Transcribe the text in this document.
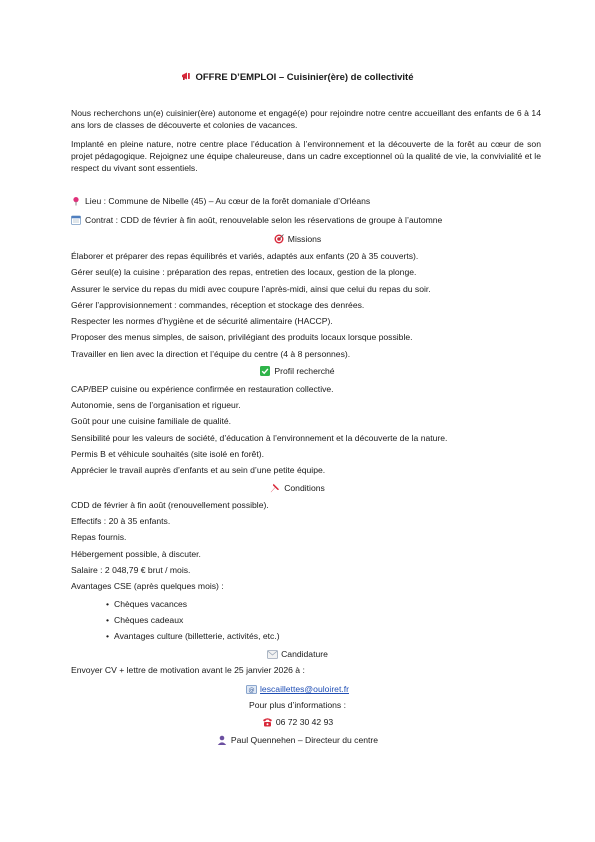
OFFRE D’EMPLOI – Cuisinier(ère) de collectivité
Nous recherchons un(e) cuisinier(ère) autonome et engagé(e) pour rejoindre notre centre accueillant des enfants de 6 à 14 ans lors de classes de découverte et colonies de vacances.
Implanté en pleine nature, notre centre place l’éducation à l’environnement et la découverte de la forêt au cœur de son projet pédagogique. Rejoignez une équipe chaleureuse, dans un cadre exceptionnel où la qualité de vie, la convivialité et le respect du vivant sont essentiels.
Lieu : Commune de Nibelle (45) – Au cœur de la forêt domaniale d’Orléans
Contrat : CDD de février à fin août, renouvelable selon les réservations de groupe à l’automne
Missions
Élaborer et préparer des repas équilibrés et variés, adaptés aux enfants (20 à 35 couverts).
Gérer seul(e) la cuisine : préparation des repas, entretien des locaux, gestion de la plonge.
Assurer le service du repas du midi avec coupure l’après-midi, ainsi que celui du repas du soir.
Gérer l’approvisionnement : commandes, réception et stockage des denrées.
Respecter les normes d’hygiène et de sécurité alimentaire (HACCP).
Proposer des menus simples, de saison, privilégiant des produits locaux lorsque possible.
Travailler en lien avec la direction et l’équipe du centre (4 à 8 personnes).
Profil recherché
CAP/BEP cuisine ou expérience confirmée en restauration collective.
Autonomie, sens de l’organisation et rigueur.
Goût pour une cuisine familiale de qualité.
Sensibilité pour les valeurs de société, d’éducation à l’environnement et la découverte de la nature.
Permis B et véhicule souhaités (site isolé en forêt).
Apprécier le travail auprès d’enfants et au sein d’une petite équipe.
Conditions
CDD de février à fin août (renouvellement possible).
Effectifs : 20 à 35 enfants.
Repas fournis.
Hébergement possible, à discuter.
Salaire : 2 048,79 € brut / mois.
Avantages CSE (après quelques mois) :
• Chèques vacances
• Chèques cadeaux
• Avantages culture (billetterie, activités, etc.)
Candidature
Envoyer CV + lettre de motivation avant le 25 janvier 2026 à :
@ lescaillettes@ouloiret.fr
Pour plus d’informations :
06 72 30 42 93
Paul Quennehen – Directeur du centre
